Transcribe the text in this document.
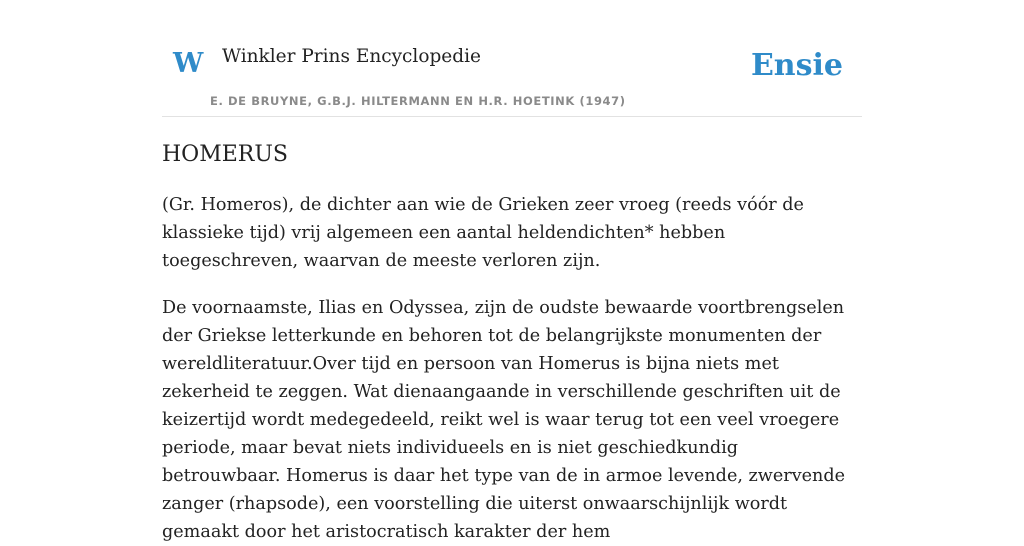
W Winkler Prins Encyclopedie
E. DE BRUYNE, G.B.J. HILTERMANN EN H.R. HOETINK (1947)
Ensie
HOMERUS

(Gr. Homeros), de dichter aan wie de Grieken zeer vroeg (reeds vóór de klassieke tijd) vrij algemeen een aantal heldendichten* hebben toegeschreven, waarvan de meeste verloren zijn.

De voornaamste, Ilias en Odyssea, zijn de oudste bewaarde voortbrengselen der Griekse letterkunde en behoren tot de belangrijkste monumenten der wereldliteratuur.Over tijd en persoon van Homerus is bijna niets met zekerheid te zeggen. Wat dienaangaande in verschillende geschriften uit de keizertijd wordt medegedeeld, reikt wel is waar terug tot een veel vroegere periode, maar bevat niets individueels en is niet geschiedkundig betrouwbaar. Homerus is daar het type van de in armoe levende, zwervende zanger (rhapsode), een voorstelling die uiterst onwaarschijnlijk wordt gemaakt door het aristocratisch karakter der hem
